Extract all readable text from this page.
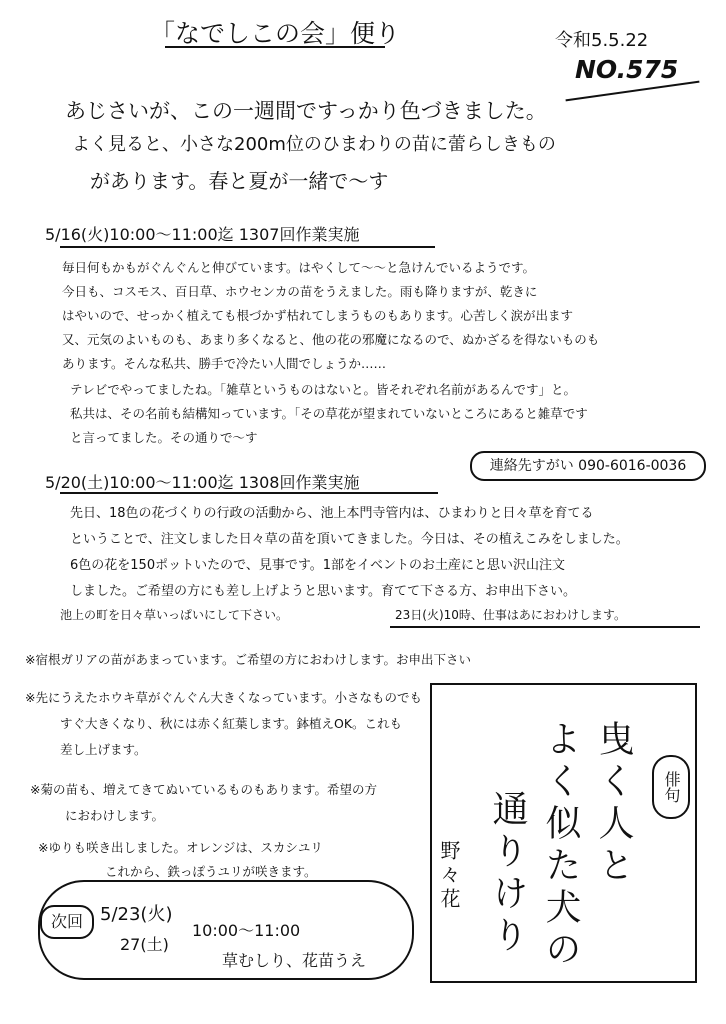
「なでしこの会」便り	令和5.5.22
NO.575
あじさいが、この一週間ですっかり色づきました。
よく見ると、小さな200m位のひまわりの苗に蕾らしきもの
があります。春と夏が一緒で〜す
5/16(火)10:00〜11:00迄 1307回作業実施
毎日何もかもがぐんぐんと伸びています。はやくして〜〜と急けんでいるようです。
今日も、コスモス、百日草、ホウセンカの苗をうえました。雨も降りますが、乾きに
はやいので、せっかく植えても根づかず枯れてしまうものもあります。心苦しく涙が出ます
又、元気のよいものも、あまり多くなると、他の花の邪魔になるので、ぬかざるを得ないものも
あります。そんな私共、勝手で冷たい人間でしょうか……
テレビでやってましたね。「雑草というものはないと。皆それぞれ名前があるんです」と。
私共は、その名前も結構知っています。「その草花が望まれていないところにあると雑草です
と言ってました。その通りで〜す
連絡先すがい 090-6016-0036
5/20(土)10:00〜11:00迄 1308回作業実施
先日、18色の花づくりの行政の活動から、池上本門寺管内は、ひまわりと日々草を育てる
ということで、注文しました日々草の苗を頂いてきました。今日は、その植えこみをしました。
6色の花を150ポットいたので、見事です。1部をイベントのお土産にと思い沢山注文
しました。ご希望の方にも差し上げようと思います。育てて下さる方、お申出下さい。
池上の町を日々草いっぱいにして下さい。	23日(火)10時、仕事はあにおわけします。
※宿根ガリアの苗があまっています。ご希望の方におわけします。お申出下さい
※先にうえたホウキ草がぐんぐん大きくなっています。小さなものでも
すぐ大きくなり、秋には赤く紅葉します。鉢植えOK。これも
差し上げます。
※菊の苗も、増えてきてぬいているものもあります。希望の方
におわけします。
※ゆりも咲き出しました。オレンジは、スカシユリ
これから、鉄っぽうユリが咲きます。
俳句
曳く人と
よく似た犬の
通りけり
野々花
次回 5/23(火)
27(土)
10:00〜11:00
草むしり、花苗うえ
